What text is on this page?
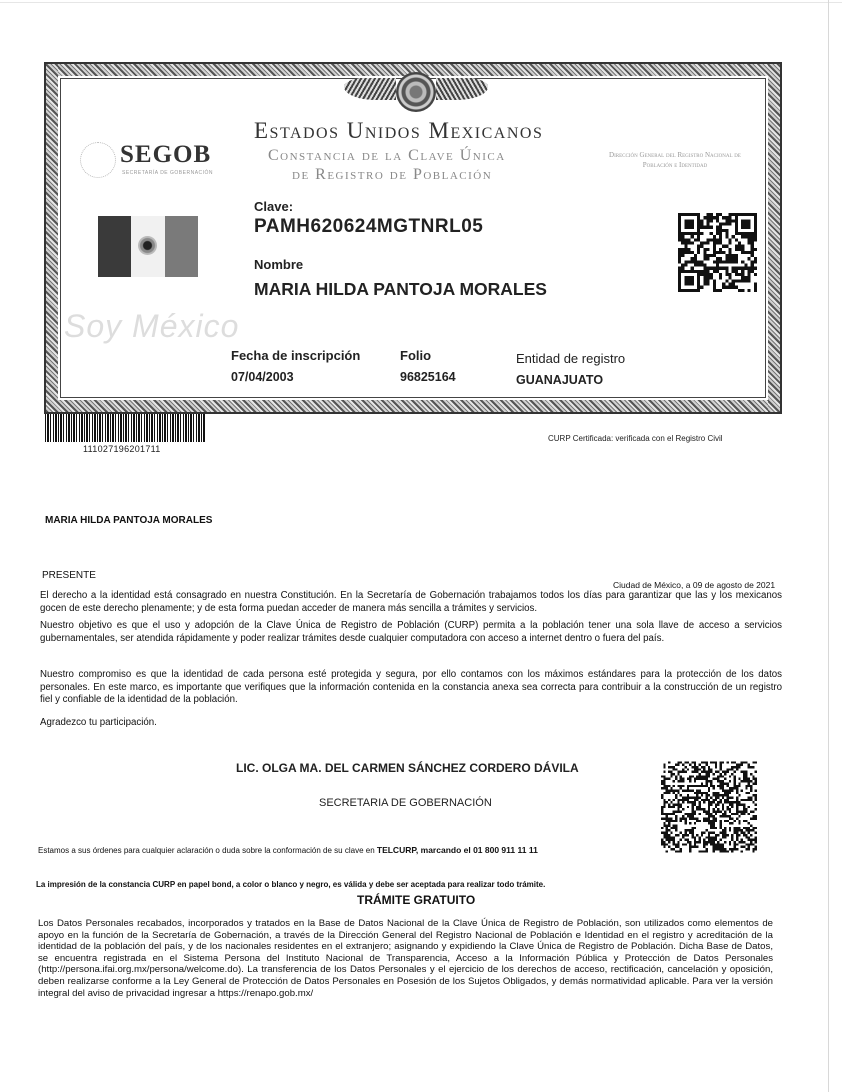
SEGOB
SECRETARÍA DE GOBERNACIÓN
Estados Unidos Mexicanos
Constancia de la Clave Única
de Registro de Población
Dirección General del Registro Nacional de Población e Identidad
Soy México
Clave:
PAMH620624MGTNRL05
Nombre
MARIA HILDA PANTOJA MORALES
Fecha de inscripción
07/04/2003
Folio
96825164
Entidad de registro
GUANAJUATO
111027196201711
CURP Certificada: verificada con el Registro Civil
MARIA HILDA PANTOJA MORALES
PRESENTE
Ciudad de México, a 09 de agosto de 2021
El derecho a la identidad está consagrado en nuestra Constitución. En la Secretaría de Gobernación trabajamos todos los días para garantizar que las y los mexicanos gocen de este derecho plenamente; y de esta forma puedan acceder de manera más sencilla a trámites y servicios.
Nuestro objetivo es que el uso y adopción de la Clave Única de Registro de Población (CURP) permita a la población tener una sola llave de acceso a servicios gubernamentales, ser atendida rápidamente y poder realizar trámites desde cualquier computadora con acceso a internet dentro o fuera del país.
Nuestro compromiso es que la identidad de cada persona esté protegida y segura, por ello contamos con los máximos estándares para la protección de los datos personales. En este marco, es importante que verifiques que la información contenida en la constancia anexa sea correcta para contribuir a la construcción de un registro fiel y confiable de la identidad de la población.
Agradezco tu participación.
LIC. OLGA MA. DEL CARMEN SÁNCHEZ CORDERO DÁVILA
SECRETARIA DE GOBERNACIÓN
Estamos a sus órdenes para cualquier aclaración o duda sobre la conformación de su clave en TELCURP, marcando el 01 800 911 11 11
La impresión de la constancia CURP en papel bond, a color o blanco y negro, es válida y debe ser aceptada para realizar todo trámite.
TRÁMITE GRATUITO
Los Datos Personales recabados, incorporados y tratados en la Base de Datos Nacional de la Clave Única de Registro de Población, son utilizados como elementos de apoyo en la función de la Secretaría de Gobernación, a través de la Dirección General del Registro Nacional de Población e Identidad en el registro y acreditación de la identidad de la población del país, y de los nacionales residentes en el extranjero; asignando y expidiendo la Clave Única de Registro de Población. Dicha Base de Datos, se encuentra registrada en el Sistema Persona del Instituto Nacional de Transparencia, Acceso a la Información Pública y Protección de Datos Personales (http://persona.ifai.org.mx/persona/welcome.do). La transferencia de los Datos Personales y el ejercicio de los derechos de acceso, rectificación, cancelación y oposición, deben realizarse conforme a la Ley General de Protección de Datos Personales en Posesión de los Sujetos Obligados, y demás normatividad aplicable. Para ver la versión integral del aviso de privacidad ingresar a https://renapo.gob.mx/
